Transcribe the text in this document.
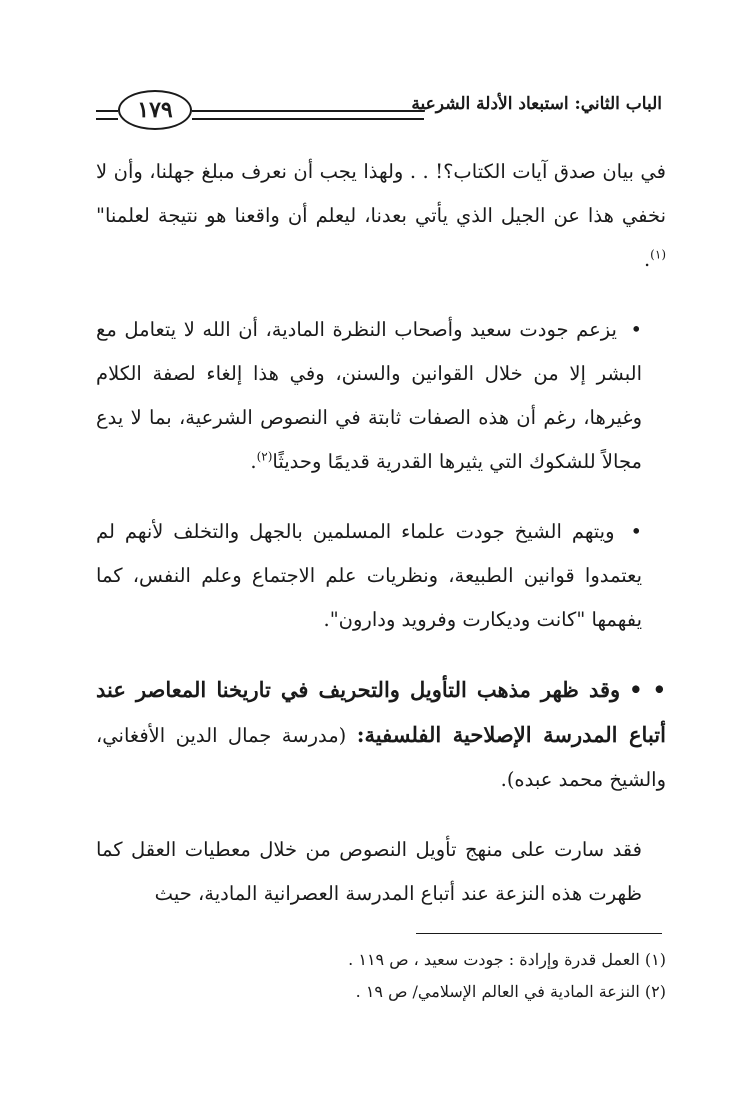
١٧٩	الباب الثاني: استبعاد الأدلة الشرعية

في بيان صدق آيات الكتاب؟! . . ولهذا يجب أن نعرف مبلغ جهلنا، وأن لا نخفي هذا عن الجيل الذي يأتي بعدنا، ليعلم أن واقعنا هو نتيجة لعلمنا"$^{(١)}$.

• يزعم جودت سعيد وأصحاب النظرة المادية، أن الله لا يتعامل مع البشر إلا من خلال القوانين والسنن، وفي هذا إلغاء لصفة الكلام وغيرها، رغم أن هذه الصفات ثابتة في النصوص الشرعية، بما لا يدع مجالاً للشكوك التي يثيرها القدرية قديمًا وحديثًا$^{(٢)}$.

• ويتهم الشيخ جودت علماء المسلمين بالجهل والتخلف لأنهم لم يعتمدوا قوانين الطبيعة، ونظريات علم الاجتماع وعلم النفس، كما يفهمها "كانت وديكارت وفرويد ودارون".

• • وقد ظهر مذهب التأويل والتحريف في تاريخنا المعاصر عند أتباع المدرسة الإصلاحية الفلسفية: (مدرسة جمال الدين الأفغاني، والشيخ محمد عبده).

فقد سارت على منهج تأويل النصوص من خلال معطيات العقل كما ظهرت هذه النزعة عند أتباع المدرسة العصرانية المادية، حيث

(١) العمل قدرة وإرادة : جودت سعيد ، ص ١١٩ .

(٢) النزعة المادية في العالم الإسلامي/ ص ١٩ .
